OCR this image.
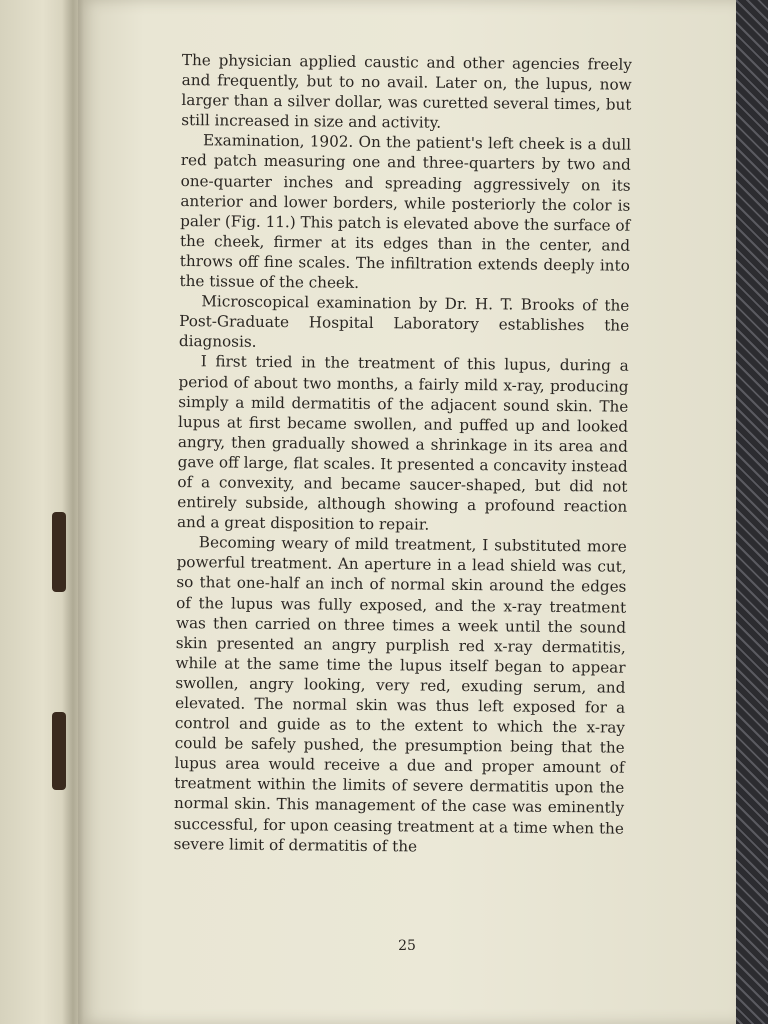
The physician applied caustic and other agencies freely and frequently, but to no avail. Later on, the lupus, now larger than a silver dollar, was curetted several times, but still increased in size and activity.

Examination, 1902. On the patient's left cheek is a dull red patch measuring one and three-quarters by two and one-quarter inches and spreading aggressively on its anterior and lower borders, while posteriorly the color is paler (Fig. 11.) This patch is elevated above the surface of the cheek, firmer at its edges than in the center, and throws off fine scales. The infiltration extends deeply into the tissue of the cheek.

Microscopical examination by Dr. H. T. Brooks of the Post-Graduate Hospital Laboratory establishes the diagnosis.

I first tried in the treatment of this lupus, during a period of about two months, a fairly mild x-ray, producing simply a mild dermatitis of the adjacent sound skin. The lupus at first became swollen, and puffed up and looked angry, then gradually showed a shrinkage in its area and gave off large, flat scales. It presented a concavity instead of a convexity, and became saucer-shaped, but did not entirely subside, although showing a profound reaction and a great disposition to repair.

Becoming weary of mild treatment, I substituted more powerful treatment. An aperture in a lead shield was cut, so that one-half an inch of normal skin around the edges of the lupus was fully exposed, and the x-ray treatment was then carried on three times a week until the sound skin presented an angry purplish red x-ray dermatitis, while at the same time the lupus itself began to appear swollen, angry looking, very red, exuding serum, and elevated. The normal skin was thus left exposed for a control and guide as to the extent to which the x-ray could be safely pushed, the presumption being that the lupus area would receive a due and proper amount of treatment within the limits of severe dermatitis upon the normal skin. This management of the case was eminently successful, for upon ceasing treatment at a time when the severe limit of dermatitis of the

25
